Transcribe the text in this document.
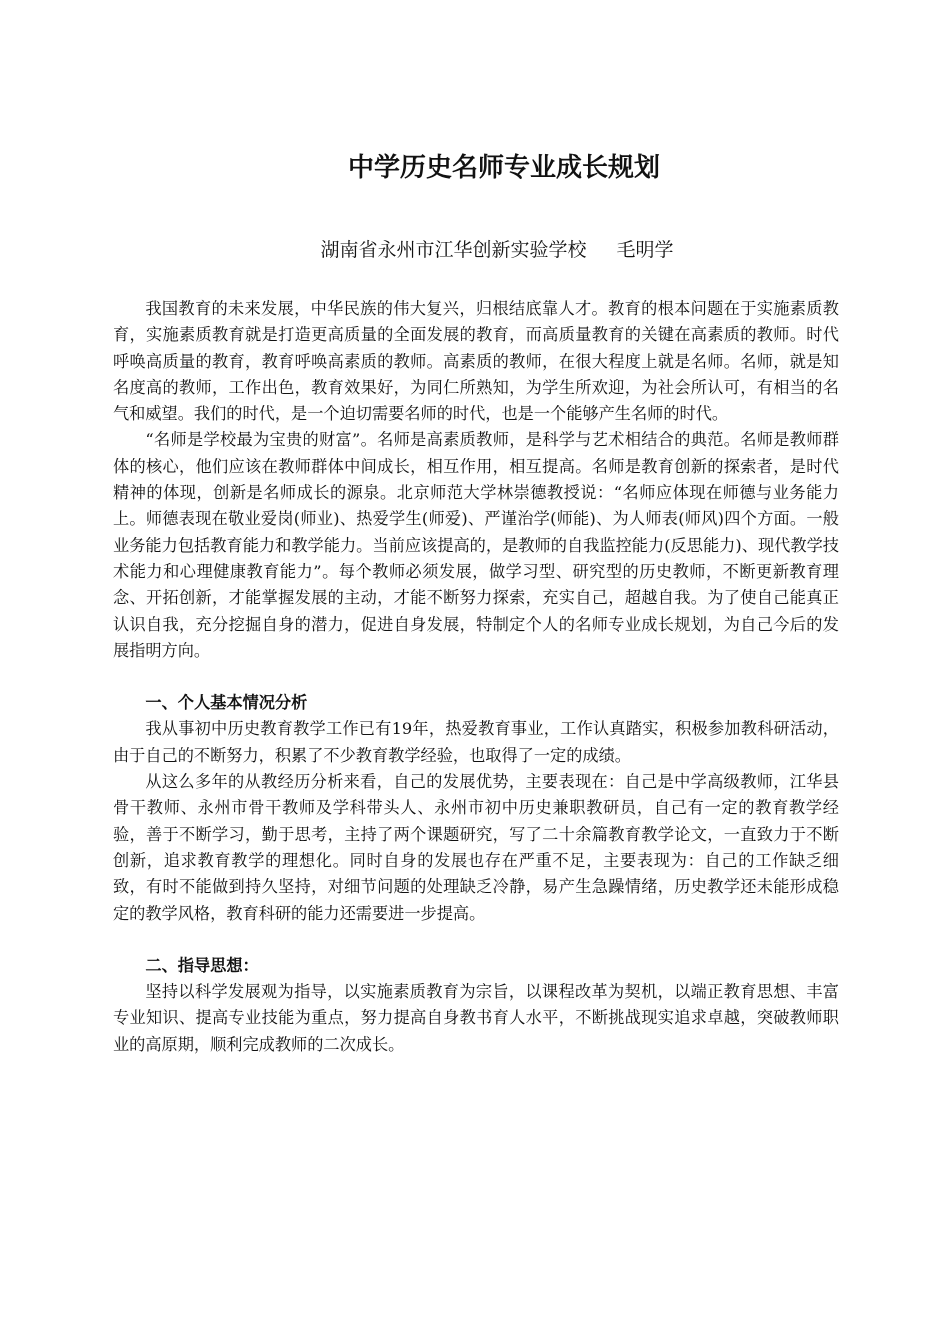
中学历史名师专业成长规划
湖南省永州市江华创新实验学校 毛明学

我国教育的未来发展，中华民族的伟大复兴，归根结底靠人才。教育的根本问题在于实施素质教育，实施素质教育就是打造更高质量的全面发展的教育，而高质量教育的关键在高素质的教师。时代呼唤高质量的教育，教育呼唤高素质的教师。高素质的教师，在很大程度上就是名师。名师，就是知名度高的教师，工作出色，教育效果好，为同仁所熟知，为学生所欢迎，为社会所认可，有相当的名气和威望。我们的时代，是一个迫切需要名师的时代，也是一个能够产生名师的时代。

“名师是学校最为宝贵的财富”。名师是高素质教师，是科学与艺术相结合的典范。名师是教师群体的核心，他们应该在教师群体中间成长，相互作用，相互提高。名师是教育创新的探索者，是时代精神的体现，创新是名师成长的源泉。北京师范大学林崇德教授说：“名师应体现在师德与业务能力上。师德表现在敬业爱岗(师业)、热爱学生(师爱)、严谨治学(师能)、为人师表(师风)四个方面。一般业务能力包括教育能力和教学能力。当前应该提高的，是教师的自我监控能力(反思能力)、现代教学技术能力和心理健康教育能力”。每个教师必须发展，做学习型、研究型的历史教师，不断更新教育理念、开拓创新，才能掌握发展的主动，才能不断努力探索，充实自己，超越自我。为了使自己能真正认识自我，充分挖掘自身的潜力，促进自身发展，特制定个人的名师专业成长规划，为自己今后的发展指明方向。

一、个人基本情况分析

我从事初中历史教育教学工作已有19年，热爱教育事业，工作认真踏实，积极参加教科研活动，由于自己的不断努力，积累了不少教育教学经验，也取得了一定的成绩。

从这么多年的从教经历分析来看，自己的发展优势，主要表现在：自己是中学高级教师，江华县骨干教师、永州市骨干教师及学科带头人、永州市初中历史兼职教研员，自己有一定的教育教学经验，善于不断学习，勤于思考，主持了两个课题研究，写了二十余篇教育教学论文，一直致力于不断创新，追求教育教学的理想化。同时自身的发展也存在严重不足，主要表现为：自己的工作缺乏细致，有时不能做到持久坚持，对细节问题的处理缺乏冷静，易产生急躁情绪，历史教学还未能形成稳定的教学风格，教育科研的能力还需要进一步提高。

二、指导思想：

坚持以科学发展观为指导，以实施素质教育为宗旨，以课程改革为契机，以端正教育思想、丰富专业知识、提高专业技能为重点，努力提高自身教书育人水平，不断挑战现实追求卓越，突破教师职业的高原期，顺利完成教师的二次成长。
